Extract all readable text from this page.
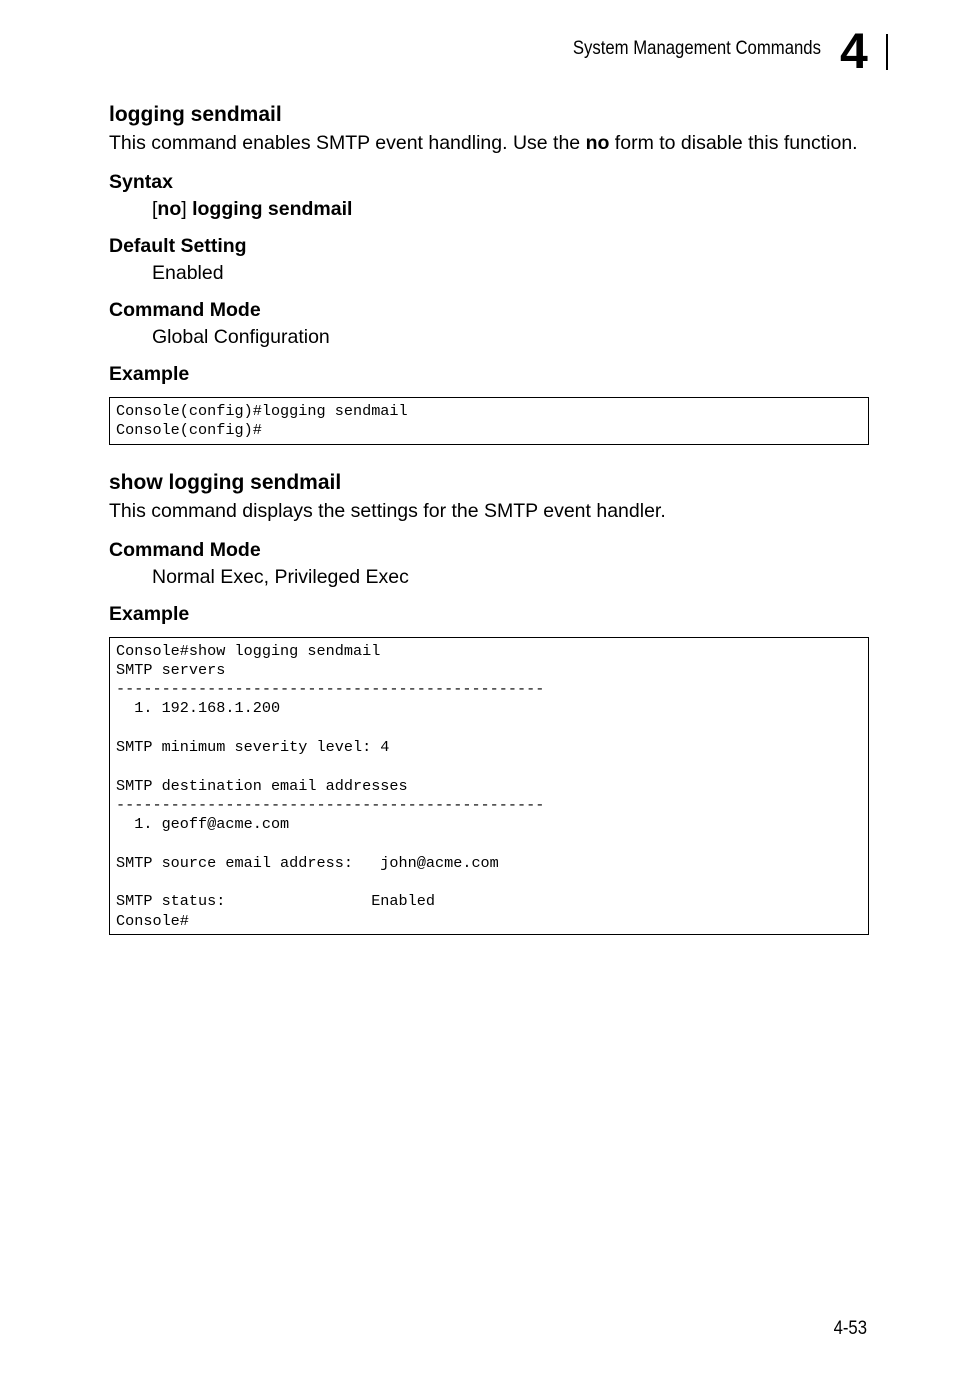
System Management Commands 4
logging sendmail

This command enables SMTP event handling. Use the no form to disable this function.

Syntax

[no] logging sendmail

Default Setting

Enabled

Command Mode

Global Configuration

Example
Console(config)#logging sendmail
Console(config)#
show logging sendmail

This command displays the settings for the SMTP event handler.

Command Mode

Normal Exec, Privileged Exec

Example
Console#show logging sendmail
SMTP servers
-----------------------------------------------
1. 192.168.1.200

SMTP minimum severity level: 4

SMTP destination email addresses
-----------------------------------------------
1. geoff@acme.com

SMTP source email address:   john@acme.com

SMTP status:                Enabled
Console#
4-53
